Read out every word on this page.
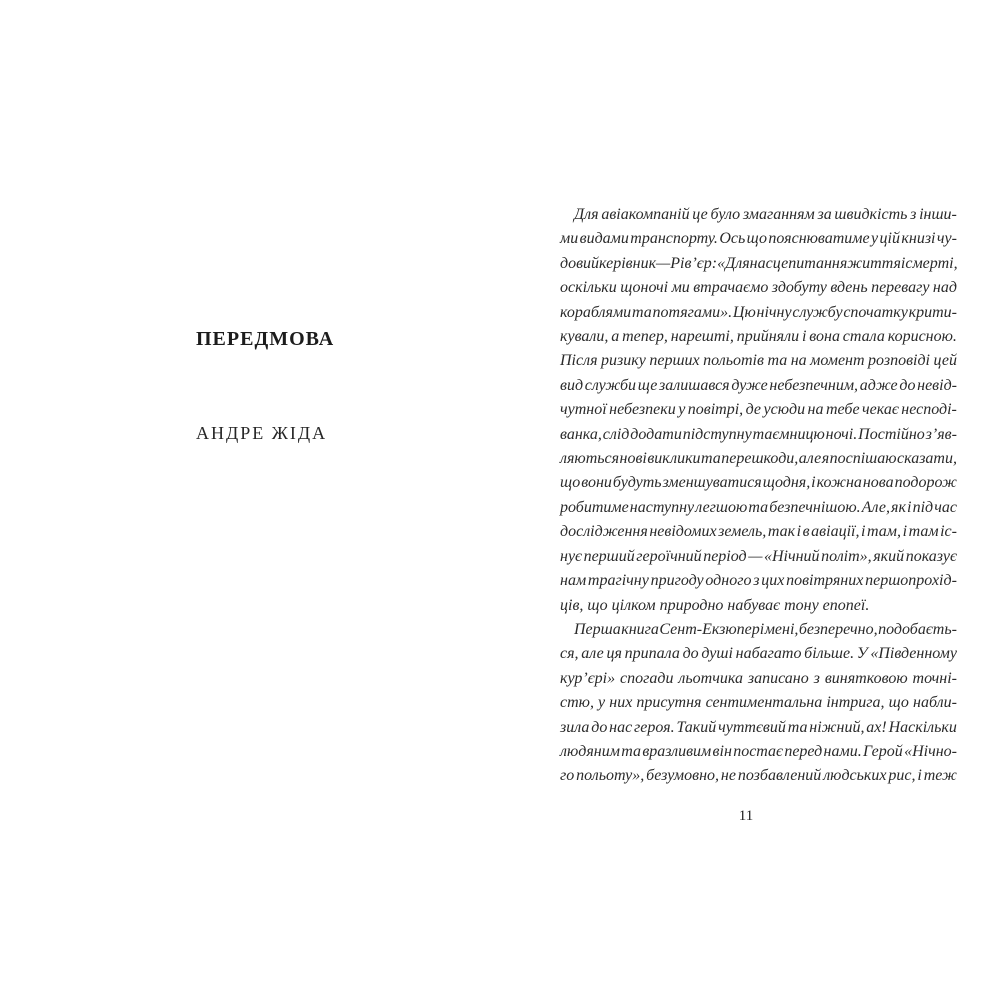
ПЕРЕДМОВА
АНДРЕ ЖІДА
Для авіакомпаній це було змаганням за швидкість з інши-
ми видами транспорту. Ось що пояснюватиме у цій книзі чу-
довий керівник — Рів’єр: «Для нас це питання життя і смерті,
оскільки щоночі ми втрачаємо здобуту вдень перевагу над
кораблями та потягами». Цю нічну службу спочатку крити-
кували, а тепер, нарешті, прийняли і вона стала корисною.
Після ризику перших польотів та на момент розповіді цей
вид служби ще залишався дуже небезпечним, адже до невід-
чутної небезпеки у повітрі, де усюди на тебе чекає несподі-
ванка, слід додати підступну таємницю ночі. Постійно з’яв-
ляються нові виклики та перешкоди, але я поспішаю сказати,
що вони будуть зменшуватися щодня, і кожна нова подорож
робитиме наступну легшою та безпечнішою. Але, як і під час
дослідження невідомих земель, так і в авіації, і там, і там іс-
нує перший героїчний період — «Нічний політ», який показує
нам трагічну пригоду одного з цих повітряних першопрохід-
ців, що цілком природно набуває тону епопеї.
Перша книга Сент-Екзюпері мені, безперечно, подобаєть-
ся, але ця припала до душі набагато більше. У «Південному
кур’єрі» спогади льотчика записано з винятковою точні-
стю, у них присутня сентиментальна інтрига, що набли-
зила до нас героя. Такий чуттєвий та ніжний, ах! Наскільки
людяним та вразливим він постає перед нами. Герой «Нічно-
го польоту», безумовно, не позбавлений людських рис, і теж
11
